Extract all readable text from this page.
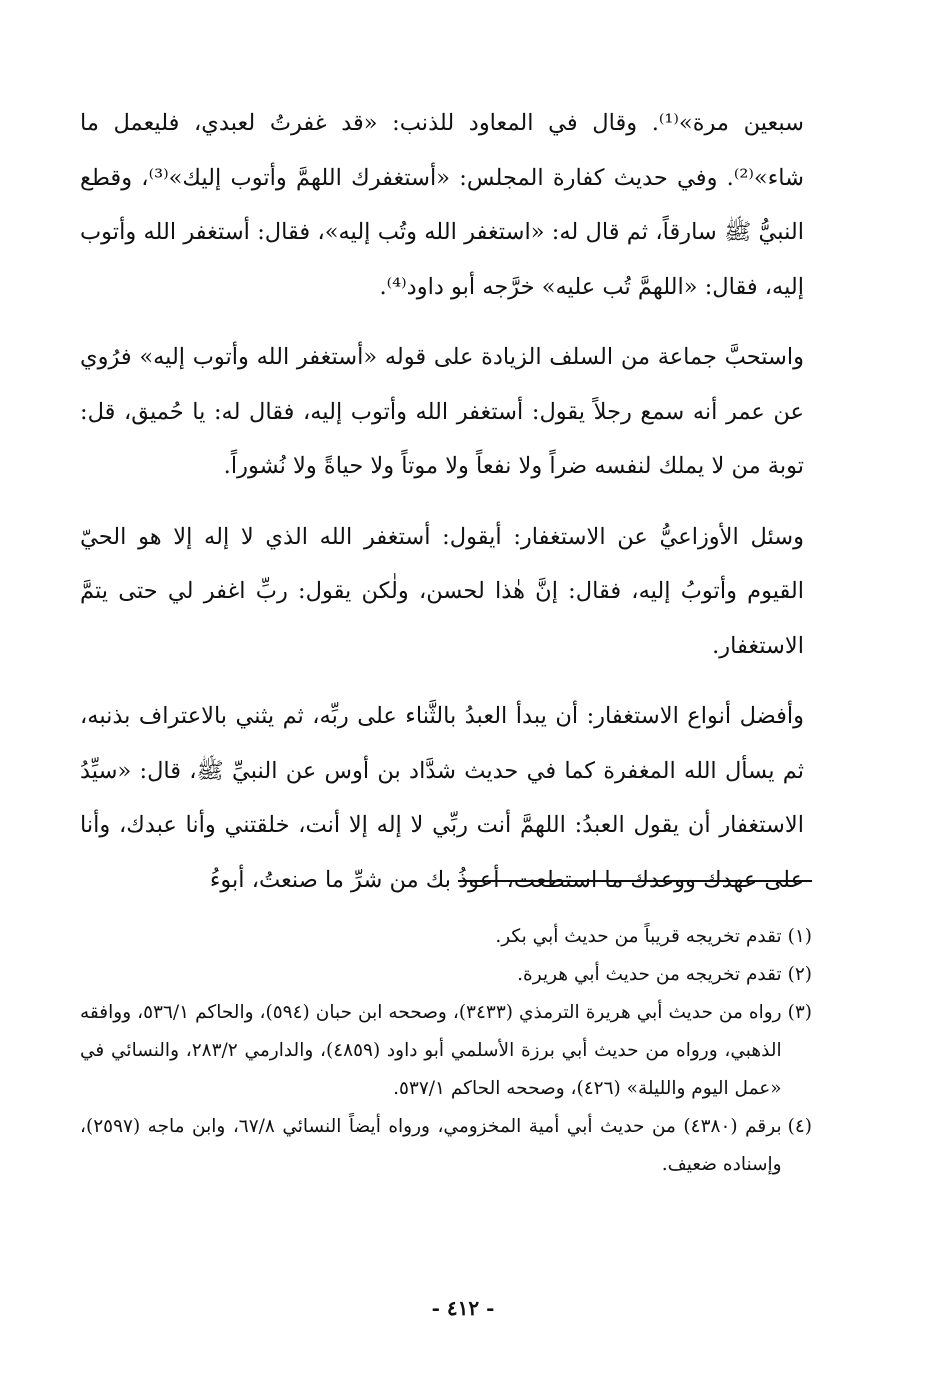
سبعين مرة»⁽¹⁾. وقال في المعاود للذنب: «قد غفرتُ لعبدي، فليعمل ما شاء»⁽²⁾. وفي حديث كفارة المجلس: «أستغفرك اللهمَّ وأتوب إليك»⁽³⁾، وقطع النبيُّ ﷺ سارقاً، ثم قال له: «استغفر الله وتُب إليه»، فقال: أستغفر الله وأتوب إليه، فقال: «اللهمَّ تُب عليه» خرَّجه أبو داود⁽⁴⁾.

واستحبَّ جماعة من السلف الزيادة على قوله «أستغفر الله وأتوب إليه» فرُوي عن عمر أنه سمع رجلاً يقول: أستغفر الله وأتوب إليه، فقال له: يا حُميق، قل: توبة من لا يملك لنفسه ضراً ولا نفعاً ولا موتاً ولا حياةً ولا نُشوراً.

وسئل الأوزاعيُّ عن الاستغفار: أيقول: أستغفر الله الذي لا إله إلا هو الحيّ القيوم وأتوبُ إليه، فقال: إنَّ هٰذا لحسن، ولٰكن يقول: ربِّ اغفر لي حتى يتمَّ الاستغفار.

وأفضل أنواع الاستغفار: أن يبدأ العبدُ بالثَّناء على ربِّه، ثم يثني بالاعتراف بذنبه، ثم يسأل الله المغفرة كما في حديث شدَّاد بن أوس عن النبيِّ ﷺ، قال: «سيِّدُ الاستغفار أن يقول العبدُ: اللهمَّ أنت ربِّي لا إله إلا أنت، خلقتني وأنا عبدك، وأنا على عهدك ووعدك ما استطعت، أعوذُ بك من شرِّ ما صنعتُ، أبوءُ

(١)
تقدم تخريجه قريباً من حديث أبي بكر.
(٢)
تقدم تخريجه من حديث أبي هريرة.
(٣)
رواه من حديث أبي هريرة الترمذي (٣٤٣٣)، وصححه ابن حبان (٥٩٤)، والحاكم ٥٣٦/١، ووافقه الذهبي، ورواه من حديث أبي برزة الأسلمي أبو داود (٤٨٥٩)، والدارمي ٢٨٣/٢، والنسائي في «عمل اليوم والليلة» (٤٢٦)، وصححه الحاكم ٥٣٧/١.
(٤)
برقم (٤٣٨٠) من حديث أبي أمية المخزومي، ورواه أيضاً النسائي ٦٧/٨، وابن ماجه (٢٥٩٧)، وإسناده ضعيف.
- ٤١٢ -
